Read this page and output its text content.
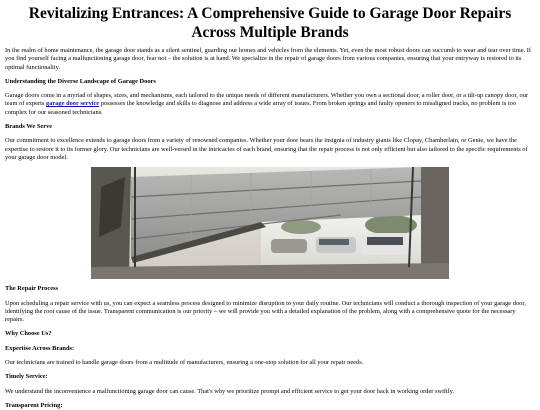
Revitalizing Entrances: A Comprehensive Guide to Garage Door Repairs Across Multiple Brands

In the realm of home maintenance, the garage door stands as a silent sentinel, guarding our homes and vehicles from the elements. Yet, even the most robust doors can succumb to wear and tear over time. If you find yourself facing a malfunctioning garage door, fear not – the solution is at hand. We specialize in the repair of garage doors from various companies, ensuring that your entryway is restored to its optimal functionality.

Understanding the Diverse Landscape of Garage Doors

Garage doors come in a myriad of shapes, sizes, and mechanisms, each tailored to the unique needs of different manufacturers. Whether you own a sectional door, a roller door, or a tilt-up canopy door, our team of experts garage door service possesses the knowledge and skills to diagnose and address a wide array of issues. From broken springs and faulty openers to misaligned tracks, no problem is too complex for our seasoned technicians.

Brands We Serve

Our commitment to excellence extends to garage doors from a variety of renowned companies. Whether your door bears the insignia of industry giants like Clopay, Chamberlain, or Genie, we have the expertise to restore it to its former glory. Our technicians are well-versed in the intricacies of each brand, ensuring that the repair process is not only efficient but also tailored to the specific requirements of your garage door model.

The Repair Process

Upon scheduling a repair service with us, you can expect a seamless process designed to minimize disruption to your daily routine. Our technicians will conduct a thorough inspection of your garage door, identifying the root cause of the issue. Transparent communication is our priority – we will provide you with a detailed explanation of the problem, along with a comprehensive quote for the necessary repairs.

Why Choose Us?
Expertise Across Brands:

Our technicians are trained to handle garage doors from a multitude of manufacturers, ensuring a one-stop solution for all your repair needs.

Timely Service:

We understand the inconvenience a malfunctioning garage door can cause. That's why we prioritize prompt and efficient service to get your door back in working order swiftly.

Transparent Pricing:
